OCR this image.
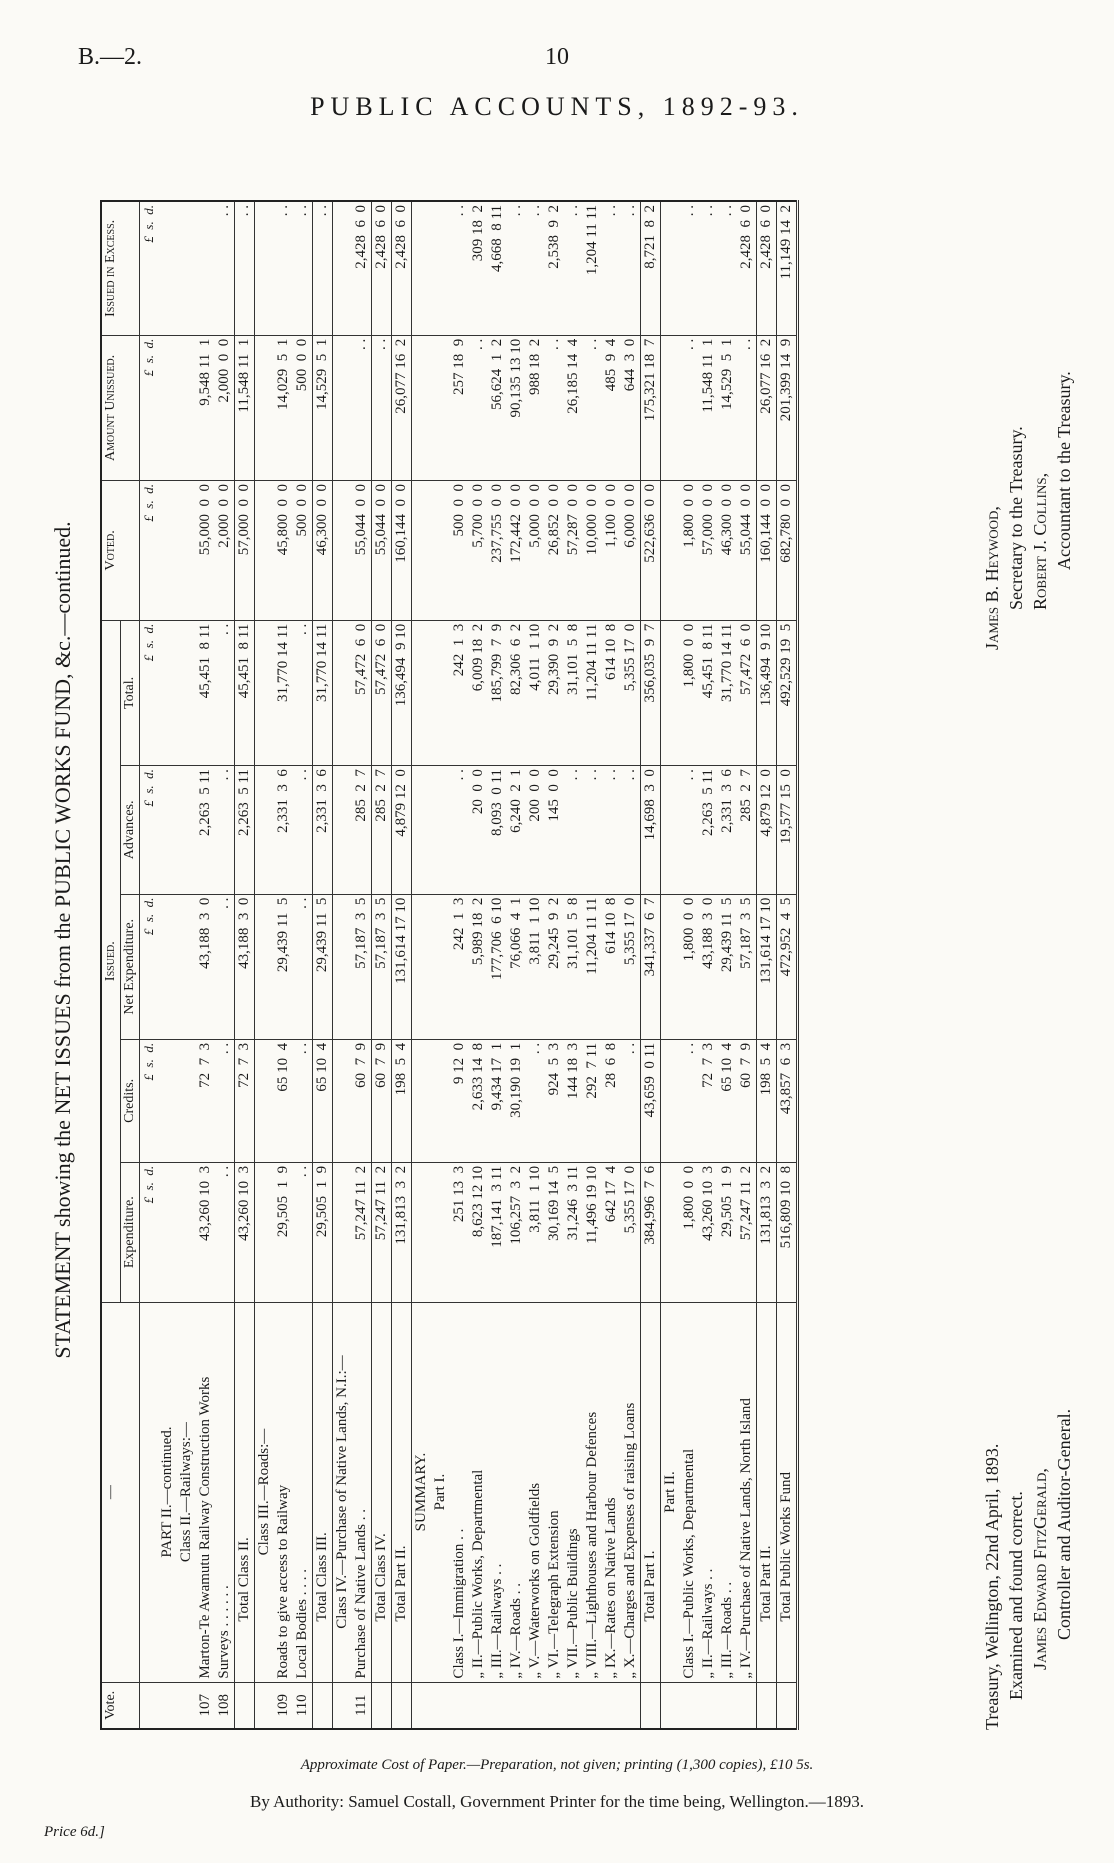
B.—2.	10
PUBLIC ACCOUNTS, 1892-93.
STATEMENT showing the NET ISSUES from the PUBLIC WORKS FUND, &c.—continued.
Vote.	—	Issued.					Voted.	Amount Unissued.	Issued in Excess.
		Expenditure.	Credits.	Net Expenditure.	Advances.	Total.			
		£  s.  d.	£  s.  d.	£  s.  d.	£  s.  d.	£  s.  d.	£  s.  d.	£  s.  d.	£  s.  d.
	PART II.—continued.								
	Class II.—Railways:—								
107	Marton-Te Awamutu Railway Construction Works	43,260 10  3	72  7  3	43,188  3  0	2,263  5 11	45,451  8 11	55,000  0  0	9,548 11  1	
108	Surveys . . . . . .	. .	. .	. .	. .	. .	2,000  0  0	2,000  0  0	. .
	Total Class II.	43,260 10  3	72  7  3	43,188  3  0	2,263  5 11	45,451  8 11	57,000  0  0	11,548 11  1	. .
	Class III.—Roads:—								
109	Roads to give access to Railway	29,505  1  9	65 10  4	29,439 11  5	2,331  3  6	31,770 14 11	45,800  0  0	14,029  5  1	. .
110	Local Bodies . . . .	. .	. .	. .	. .	. .	500  0  0	500  0  0	. .
	Total Class III.	29,505  1  9	65 10  4	29,439 11  5	2,331  3  6	31,770 14 11	46,300  0  0	14,529  5  1	. .
	Class IV.—Purchase of Native Lands, N.I.:—								
111	Purchase of Native Lands . .	57,247 11  2	60  7  9	57,187  3  5	285  2  7	57,472  6  0	55,044  0  0	. .	2,428  6  0
	Total Class IV.	57,247 11  2	60  7  9	57,187  3  5	285  2  7	57,472  6  0	55,044  0  0	. .	2,428  6  0
	Total Part II.	131,813  3  2	198  5  4	131,614 17 10	4,879 12  0	136,494  9 10	160,144  0  0	26,077 16  2	2,428  6  0
	SUMMARY.								
	Part I.								
	Class I.—Immigration . .	251 13  3	9 12  0	242  1  3	. .	242  1  3	500  0  0	257 18  9	. .
	„ II.—Public Works, Departmental	8,623 12 10	2,633 14  8	5,989 18  2	20  0  0	6,009 18  2	5,700  0  0	. .	309 18  2
	„ III.—Railways . .	187,141  3 11	9,434 17  1	177,706  6 10	8,093  0 11	185,799  7  9	237,755  0  0	56,624  1  2	4,668  8 11
	„ IV.—Roads . .	106,257  3  2	30,190 19  1	76,066  4  1	6,240  2  1	82,306  6  2	172,442  0  0	90,135 13 10	. .
	„ V.—Waterworks on Goldfields	3,811  1 10	. .	3,811  1 10	200  0  0	4,011  1 10	5,000  0  0	988 18  2	. .
	„ VI.—Telegraph Extension	30,169 14  5	924  5  3	29,245  9  2	145  0  0	29,390  9  2	26,852  0  0	. .	2,538  9  2
	„ VII.—Public Buildings	31,246  3 11	144 18  3	31,101  5  8	. .	31,101  5  8	57,287  0  0	26,185 14  4	. .
	„ VIII.—Lighthouses and Harbour Defences	11,496 19 10	292  7 11	11,204 11 11	. .	11,204 11 11	10,000  0  0	. .	1,204 11 11
	„ IX.—Rates on Native Lands	642 17  4	28  6  8	614 10  8	. .	614 10  8	1,100  0  0	485  9  4	. .
	„ X.—Charges and Expenses of raising Loans	5,355 17  0	. .	5,355 17  0	. .	5,355 17  0	6,000  0  0	644  3  0	. .
	Total Part I.	384,996  7  6	43,659  0 11	341,337  6  7	14,698  3  0	356,035  9  7	522,636  0  0	175,321 18  7	8,721  8  2
	Part II.								
	Class I.—Public Works, Departmental	1,800  0  0	. .	1,800  0  0	. .	1,800  0  0	1,800  0  0	. .	. .
	„ II.—Railways . .	43,260 10  3	72  7  3	43,188  3  0	2,263  5 11	45,451  8 11	57,000  0  0	11,548 11  1	. .
	„ III.—Roads . .	29,505  1  9	65 10  4	29,439 11  5	2,331  3  6	31,770 14 11	46,300  0  0	14,529  5  1	. .
	„ IV.—Purchase of Native Lands, North Island	57,247 11  2	60  7  9	57,187  3  5	285  2  7	57,472  6  0	55,044  0  0	. .	2,428  6  0
	Total Part II.	131,813  3  2	198  5  4	131,614 17 10	4,879 12  0	136,494  9 10	160,144  0  0	26,077 16  2	2,428  6  0
	Total Public Works Fund	516,809 10  8	43,857  6  3	472,952  4  5	19,577 15  0	492,529 19  5	682,780  0  0	201,399 14  9	11,149 14  2
Treasury, Wellington, 22nd April, 1893. Examined and found correct. James Edward FitzGerald, Controller and Auditor-General.
James B. Heywood, Secretary to the Treasury. Robert J. Collins, Accountant to the Treasury.
Approximate Cost of Paper.—Preparation, not given; printing (1,300 copies), £10 5s.
By Authority: Samuel Costall, Government Printer for the time being, Wellington.—1893.
Price 6d.]
